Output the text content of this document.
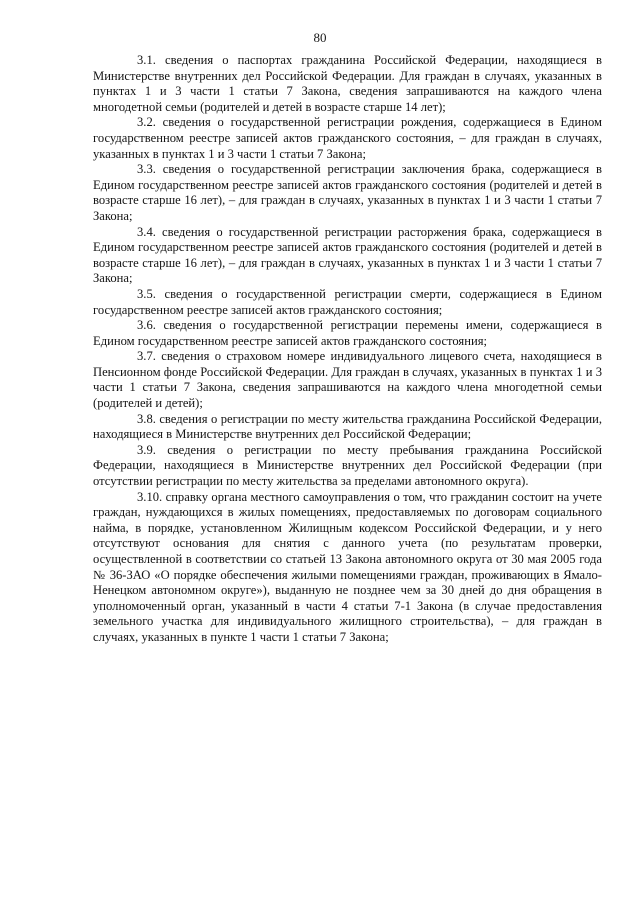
80

3.1. сведения о паспортах гражданина Российской Федерации, находящиеся в Министерстве внутренних дел Российской Федерации. Для граждан в случаях, указанных в пунктах 1 и 3 части 1 статьи 7 Закона, сведения запрашиваются на каждого члена многодетной семьи (родителей и детей в возрасте старше 14 лет);

3.2. сведения о государственной регистрации рождения, содержащиеся в Едином государственном реестре записей актов гражданского состояния, – для граждан в случаях, указанных в пунктах 1 и 3 части 1 статьи 7 Закона;

3.3. сведения о государственной регистрации заключения брака, содержащиеся в Едином государственном реестре записей актов гражданского состояния (родителей и детей в возрасте старше 16 лет), – для граждан в случаях, указанных в пунктах 1 и 3 части 1 статьи 7 Закона;

3.4. сведения о государственной регистрации расторжения брака, содержащиеся в Едином государственном реестре записей актов гражданского состояния (родителей и детей в возрасте старше 16 лет), – для граждан в случаях, указанных в пунктах 1 и 3 части 1 статьи 7 Закона;

3.5. сведения о государственной регистрации смерти, содержащиеся в Едином государственном реестре записей актов гражданского состояния;

3.6. сведения о государственной регистрации перемены имени, содержащиеся в Едином государственном реестре записей актов гражданского состояния;

3.7. сведения о страховом номере индивидуального лицевого счета, находящиеся в Пенсионном фонде Российской Федерации. Для граждан в случаях, указанных в пунктах 1 и 3 части 1 статьи 7 Закона, сведения запрашиваются на каждого члена многодетной семьи (родителей и детей);

3.8. сведения о регистрации по месту жительства гражданина Российской Федерации, находящиеся в Министерстве внутренних дел Российской Федерации;

3.9. сведения о регистрации по месту пребывания гражданина Российской Федерации, находящиеся в Министерстве внутренних дел Российской Федерации (при отсутствии регистрации по месту жительства за пределами автономного округа).

3.10. справку органа местного самоуправления о том, что гражданин состоит на учете граждан, нуждающихся в жилых помещениях, предоставляемых по договорам социального найма, в порядке, установленном Жилищным кодексом Российской Федерации, и у него отсутствуют основания для снятия с данного учета (по результатам проверки, осуществленной в соответствии со статьей 13 Закона автономного округа от 30 мая 2005 года № 36-ЗАО «О порядке обеспечения жилыми помещениями граждан, проживающих в Ямало-Ненецком автономном округе»), выданную не позднее чем за 30 дней до дня обращения в уполномоченный орган, указанный в части 4 статьи 7-1 Закона (в случае предоставления земельного участка для индивидуального жилищного строительства), – для граждан в случаях, указанных в пункте 1 части 1 статьи 7 Закона;
